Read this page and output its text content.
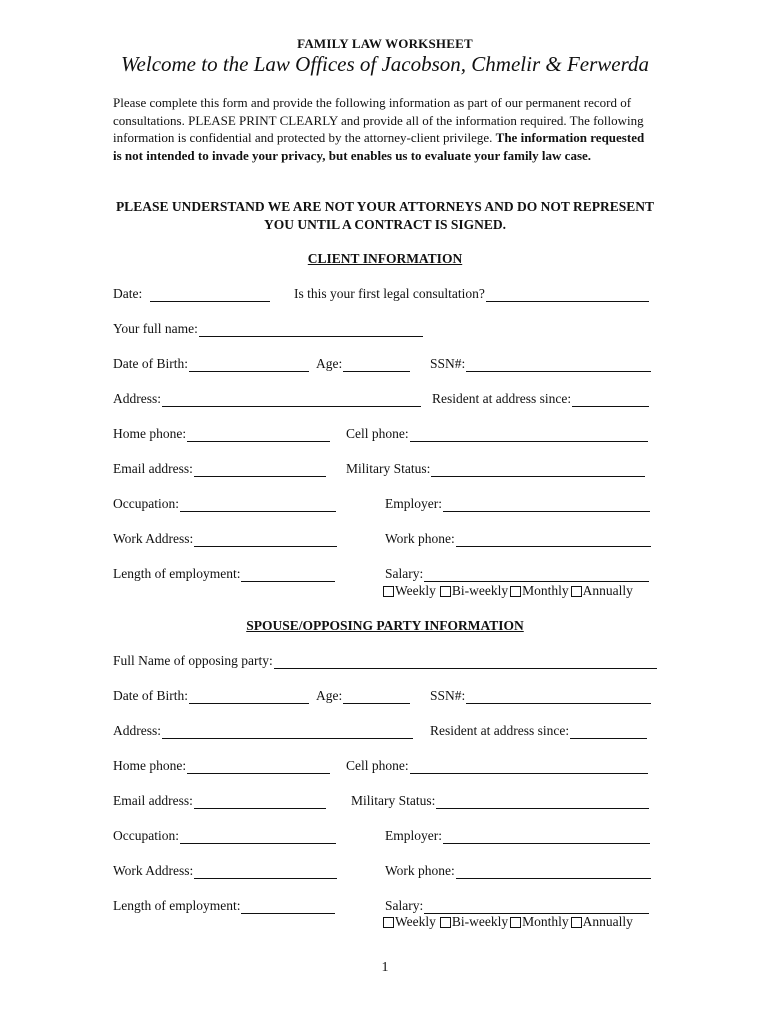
FAMILY LAW WORKSHEET
Welcome to the Law Offices of Jacobson, Chmelir & Ferwerda

Please complete this form and provide the following information as part of our permanent record of consultations. PLEASE PRINT CLEARLY and provide all of the information required. The following information is confidential and protected by the attorney-client privilege. The information requested is not intended to invade your privacy, but enables us to evaluate your family law case.

PLEASE UNDERSTAND WE ARE NOT YOUR ATTORNEYS AND DO NOT REPRESENT YOU UNTIL A CONTRACT IS SIGNED.
CLIENT INFORMATION
Date:	Is this your first legal consultation?
Your full name:
Date of Birth:	Age:	SSN#:
Address:	Resident at address since:
Home phone:	Cell phone:
Email address:	Military Status:
Occupation:	Employer:
Work Address:	Work phone:
Length of employment:	Salary:
Weekly Bi-weekly Monthly Annually
SPOUSE/OPPOSING PARTY INFORMATION
Full Name of opposing party:
Date of Birth:	Age:	SSN#:
Address:	Resident at address since:
Home phone:	Cell phone:
Email address:	Military Status:
Occupation:	Employer:
Work Address:	Work phone:
Length of employment:	Salary:
Weekly Bi-weekly Monthly Annually
1
